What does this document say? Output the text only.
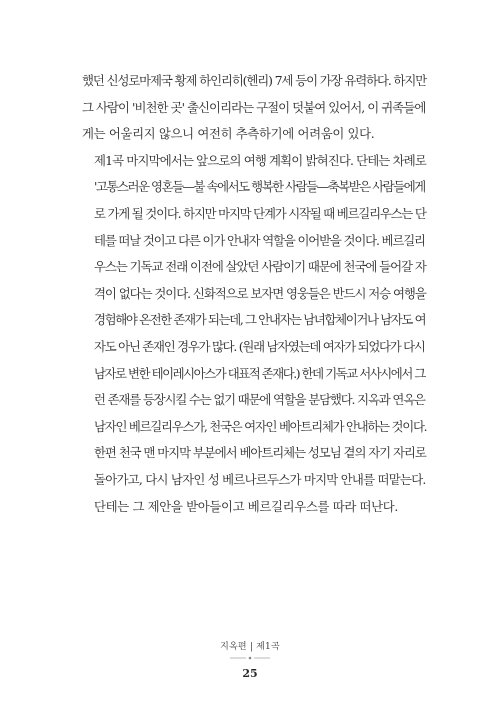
했던 신성로마제국 황제 하인리히(헨리) 7세 등이 가장 유력하다. 하지만
그 사람이 '비천한 곳' 출신이리라는 구절이 덧붙여 있어서, 이 귀족들에
게는 어울리지 않으니 여전히 추측하기에 어려움이 있다.

제1곡 마지막에서는 앞으로의 여행 계획이 밝혀진다. 단테는 차례로
'고통스러운 영혼들—불 속에서도 행복한 사람들—축복받은 사람들에게
로 가게 될 것이다. 하지만 마지막 단계가 시작될 때 베르길리우스는 단
테를 떠날 것이고 다른 이가 안내자 역할을 이어받을 것이다. 베르길리
우스는 기독교 전래 이전에 살았던 사람이기 때문에 천국에 들어갈 자
격이 없다는 것이다. 신화적으로 보자면 영웅들은 반드시 저승 여행을
경험해야 온전한 존재가 되는데, 그 안내자는 남녀합체이거나 남자도 여
자도 아닌 존재인 경우가 많다. (원래 남자였는데 여자가 되었다가 다시
남자로 변한 테이레시아스가 대표적 존재다.) 한데 기독교 서사시에서 그
런 존재를 등장시킬 수는 없기 때문에 역할을 분담했다. 지옥과 연옥은
남자인 베르길리우스가, 천국은 여자인 베아트리체가 안내하는 것이다.
한편 천국 맨 마지막 부분에서 베아트리체는 성모님 곁의 자기 자리로
돌아가고, 다시 남자인 성 베르나르두스가 마지막 안내를 떠맡는다.

단테는 그 제안을 받아들이고 베르길리우스를 따라 떠난다.

지옥편 | 제1곡
25
